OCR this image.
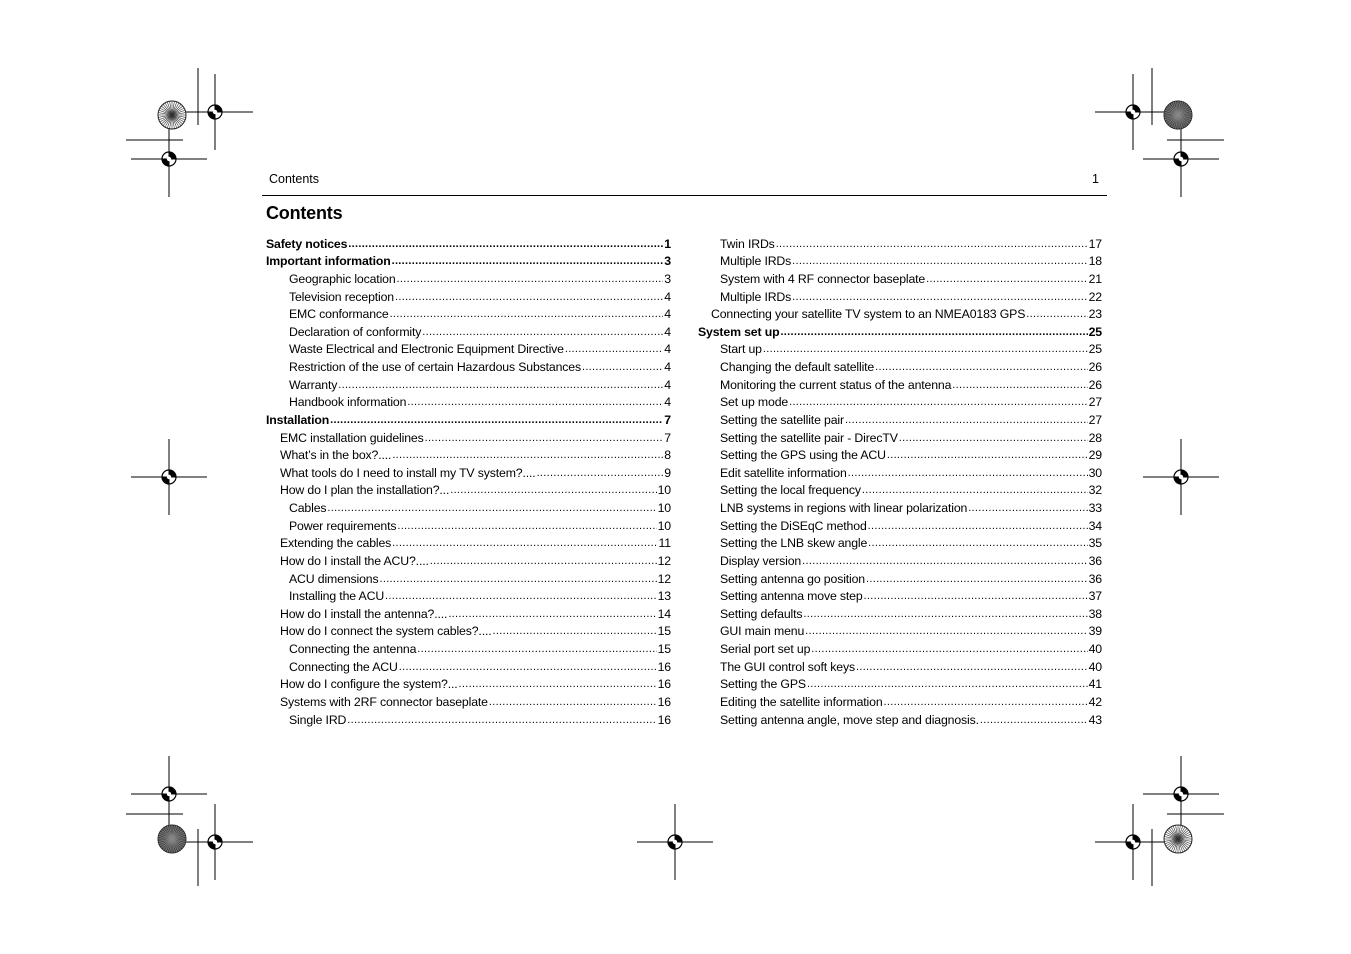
Contents	1
Contents
Safety notices .....	1
Important information .....	3
Geographic location .....	3
Television reception .....	4
EMC conformance .....	4
Declaration of conformity .....	4
Waste Electrical and Electronic Equipment Directive .....	4
Restriction of the use of certain Hazardous Substances .....	4
Warranty .....	4
Handbook information .....	4
Installation .....	7
EMC installation guidelines .....	7
What’s in the box?.... .....	8
What tools do I need to install my TV system?.... .....	9
How do I plan the installation?... .....	10
Cables .....	10
Power requirements .....	10
Extending the cables .....	11
How do I install the ACU?.... .....	12
ACU dimensions .....	12
Installing the ACU .....	13
How do I install the antenna?.... .....	14
How do I connect the system cables?.... .....	15
Connecting the antenna .....	15
Connecting the ACU .....	16
How do I configure the system?... .....	16
Systems with 2RF connector baseplate .....	16
Single IRD .....	16
Twin IRDs .....	17
Multiple IRDs .....	18
System with 4 RF connector baseplate .....	21
Multiple IRDs .....	22
Connecting your satellite TV system to an NMEA0183 GPS .....	23
System set up .....	25
Start up .....	25
Changing the default satellite .....	26
Monitoring the current status of the antenna .....	26
Set up mode .....	27
Setting the satellite pair .....	27
Setting the satellite pair - DirecTV .....	28
Setting the GPS using the ACU .....	29
Edit satellite information .....	30
Setting the local frequency .....	32
LNB systems in regions with linear polarization .....	33
Setting the DiSEqC method .....	34
Setting the LNB skew angle .....	35
Display version .....	36
Setting antenna go position .....	36
Setting antenna move step .....	37
Setting defaults .....	38
GUI main menu .....	39
Serial port set up .....	40
The GUI control soft keys .....	40
Setting the GPS .....	41
Editing the satellite information .....	42
Setting antenna angle, move step and diagnosis. .....	43
